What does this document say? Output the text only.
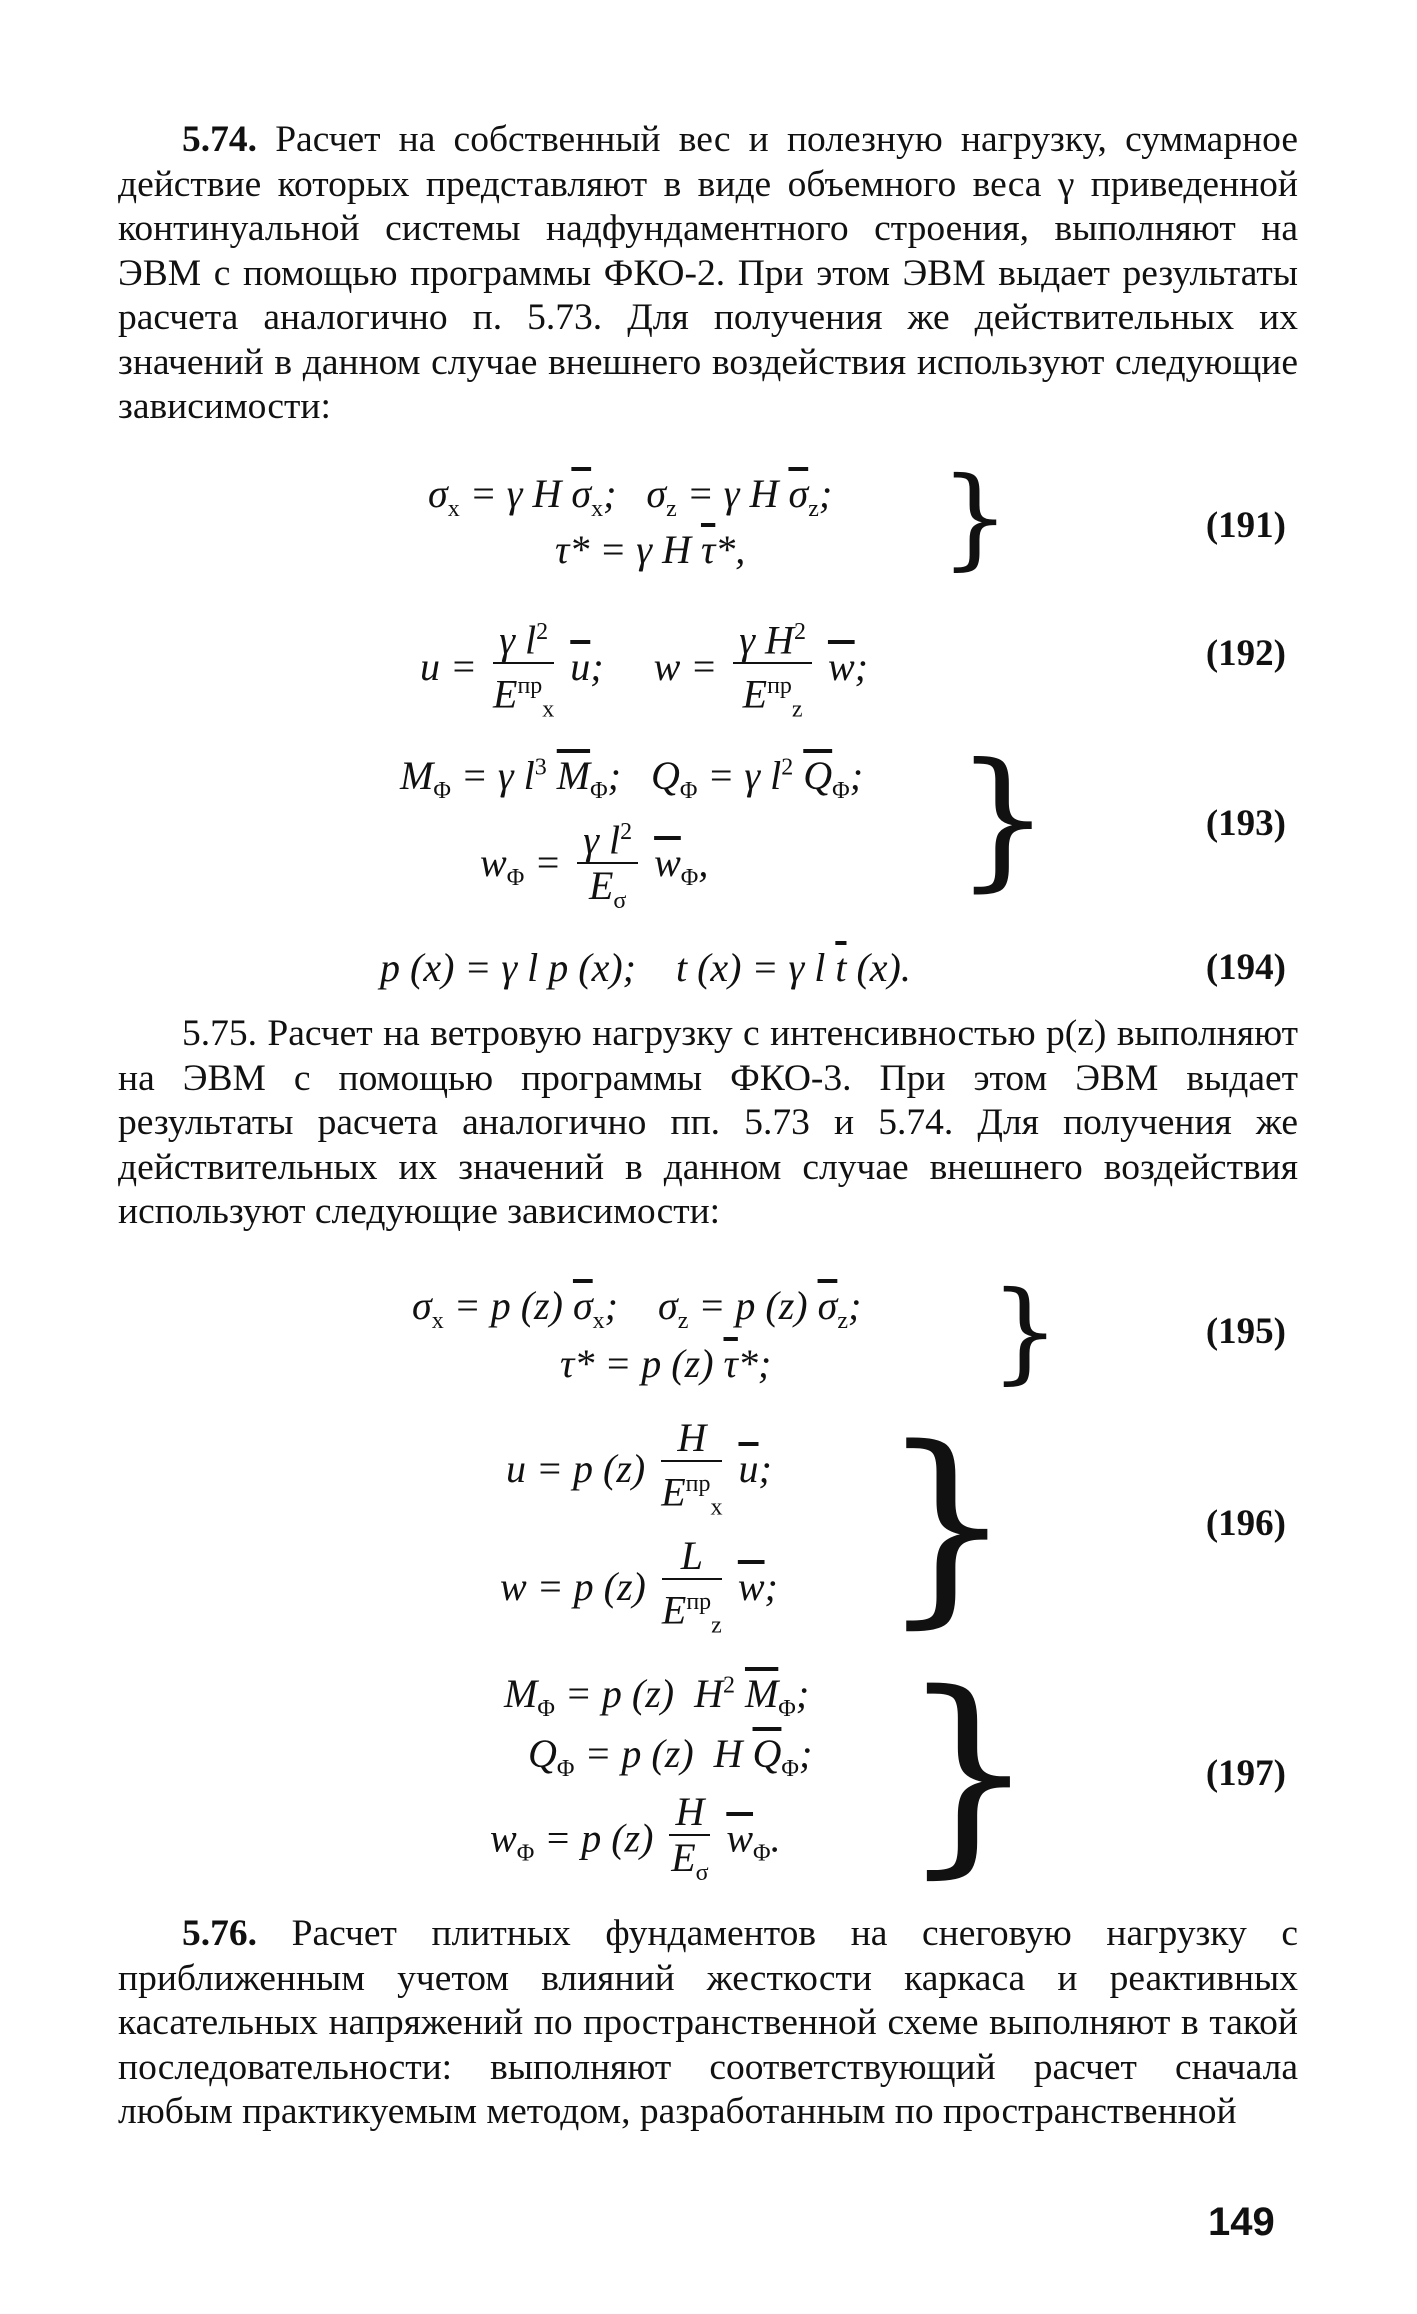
5.74. Расчет на собственный вес и полезную нагрузку, суммарное действие которых представляют в виде объемного веса γ приведенной континуальной системы надфундаментного строения, выполняют на ЭВМ с помощью программы ФКО-2. При этом ЭВМ выдает результаты расчета аналогично п. 5.73. Для получения же действительных их значений в данном случае внешнего воздействия используют следующие зависимости:

$\sigma_x = \gamma$ H $\overline{\sigma}_x$;   $\sigma_z = \gamma$ H $\overline{\sigma}_z$;
τ* = γ H $\overline{\tau}*$, }	(191)
$u = \frac{\gamma l^2}{E^{пр}_x} \overline{u}$;     $w = \frac{\gamma H^2}{E^{пр}_z} \overline{w}$;	(192)
$M_\Phi = \gamma$ $l^3$ $\overline{M}_\Phi$;   $Q_\Phi = \gamma$ $l^2$ $\overline{Q}_\Phi$;
$w_\Phi = \frac{\gamma l^2}{E_\sigma} \overline{w}_\Phi$, }	(193)
p (x) = γ l p (x);    t (x) = γ l $\overline{t}$ (x).	(194)

5.75. Расчет на ветровую нагрузку с интенсивностью p(z) выполняют на ЭВМ с помощью программы ФКО-3. При этом ЭВМ выдает результаты расчета аналогично пп. 5.73 и 5.74. Для получения же действительных их значений в данном случае внешнего воздействия используют следующие зависимости:

$\sigma_x = p$ (z) $\overline{\sigma}_x$;    $\sigma_z = p$ (z) $\overline{\sigma}_z$;
τ* = p (z) $\overline{\tau}*$; }	(195)
u = p $(z) \frac{H}{E^{пр}_x} \overline{u}$;
w = p $(z) \frac{L}{E^{пр}_z} \overline{w}$; }	(196)
$M_\Phi = p$ (z)  $H^2$ $\overline{M}_\Phi$;
$Q_\Phi = p$ (z)  H $\overline{Q}_\Phi$;
$w_\Phi = p$ $(z) \frac{H}{E_\sigma} \overline{w}_\Phi$. }	(197)

5.76. Расчет плитных фундаментов на снеговую нагрузку с приближенным учетом влияний жесткости каркаса и реактивных касательных напряжений по пространственной схеме выполняют в такой последовательности: выполняют соответствующий расчет сначала любым практикуемым методом, разработанным по пространственной

149
